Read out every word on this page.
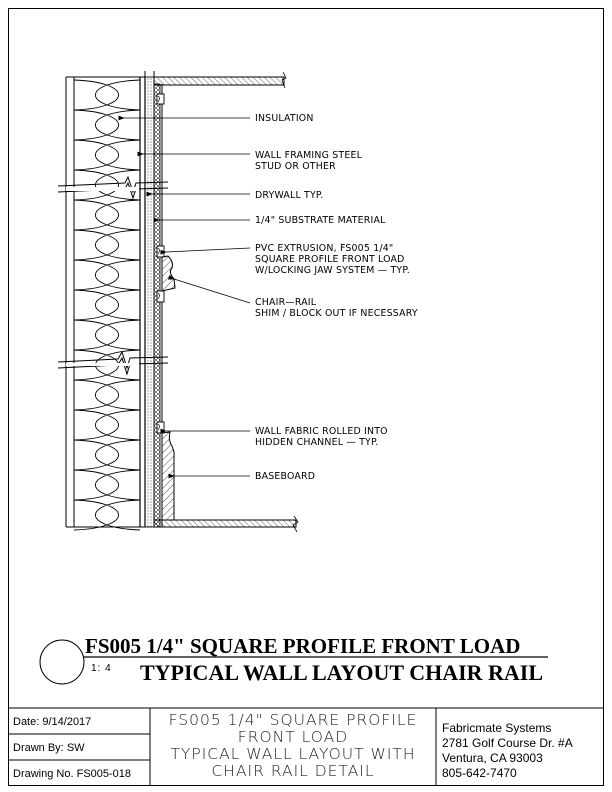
INSULATION
WALL FRAMING STEEL
STUD OR OTHER
DRYWALL TYP.
1/4" SUBSTRATE MATERIAL
PVC EXTRUSION, FS005 1/4"
SQUARE PROFILE FRONT LOAD
W/LOCKING JAW SYSTEM — TYP.
CHAIR—RAIL
SHIM / BLOCK OUT IF NECESSARY
WALL FABRIC ROLLED INTO
HIDDEN CHANNEL — TYP.
BASEBOARD
FS005 1/4" SQUARE PROFILE FRONT LOAD
1: 4 TYPICAL WALL LAYOUT CHAIR RAIL
Date: 9/14/2017
Drawn By: SW
Drawing No. FS005-018
FS005 1/4" SQUARE PROFILE
FRONT LOAD
TYPICAL WALL LAYOUT WITH
CHAIR RAIL DETAIL
Fabricmate Systems
2781 Golf Course Dr. #A
Ventura, CA 93003
805-642-7470
